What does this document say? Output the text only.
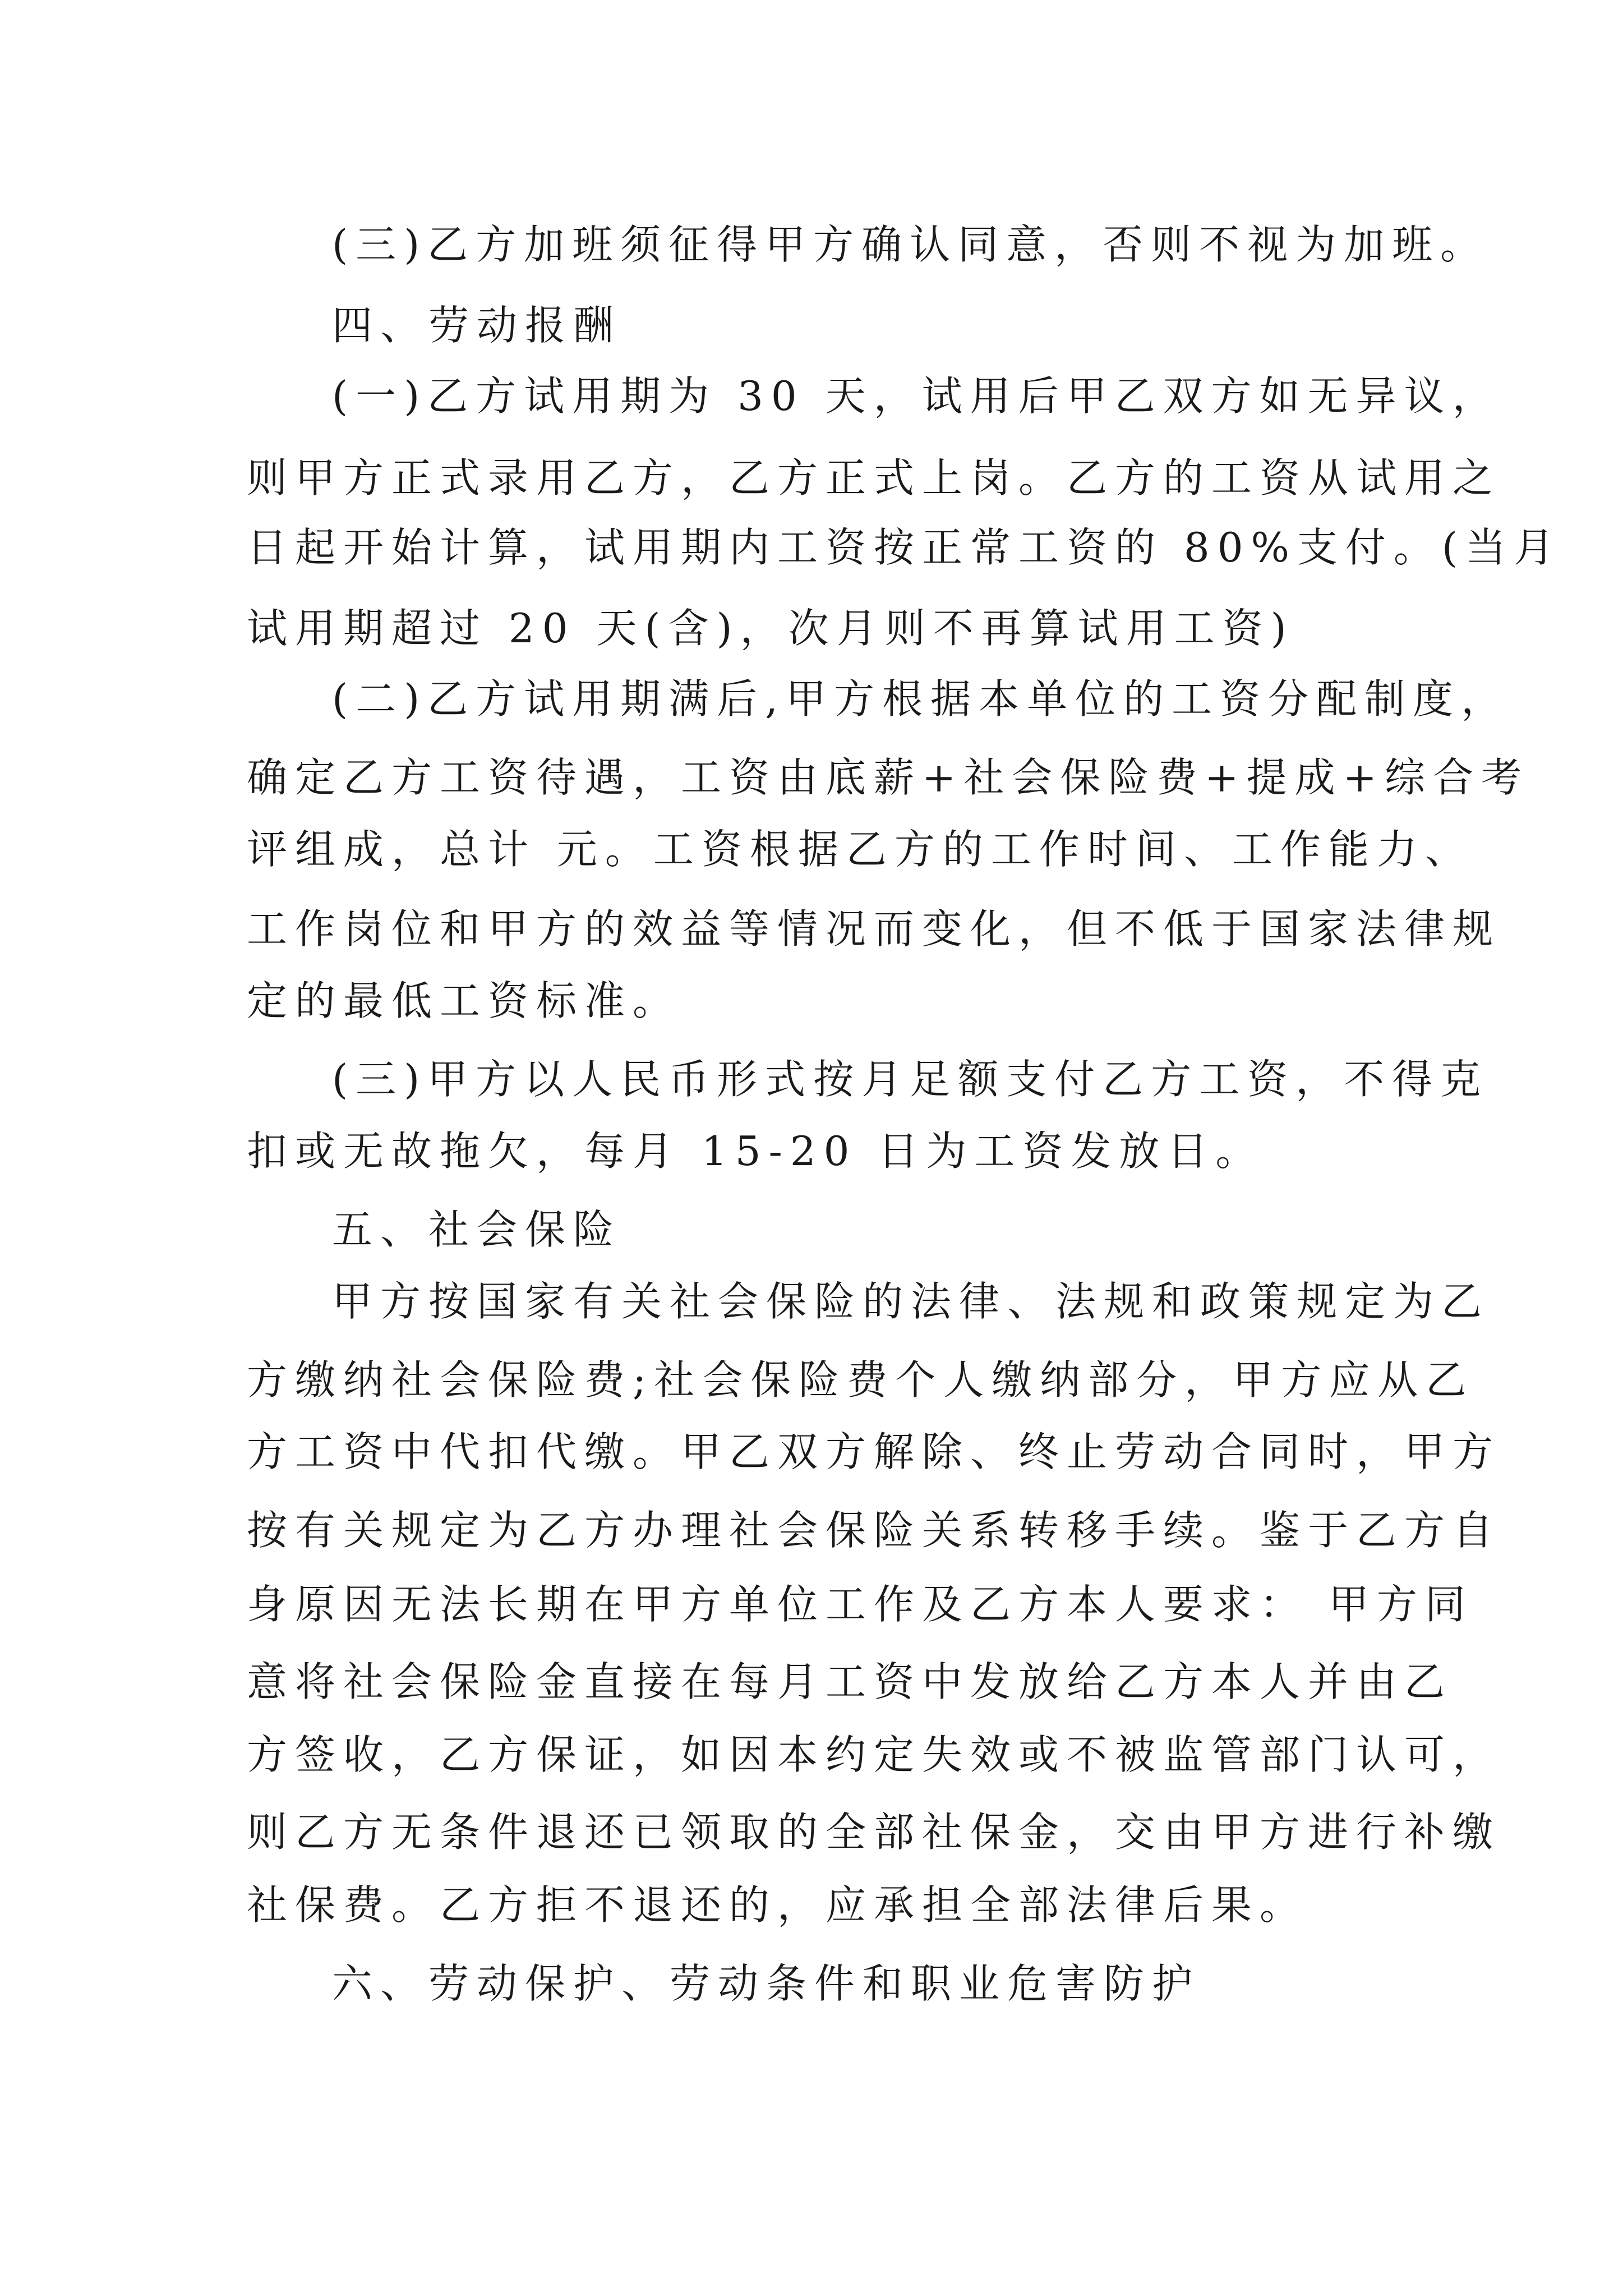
(三)乙方加班须征得甲方确认同意，否则不视为加班。
四、劳动报酬
(一)乙方试用期为 30 天，试用后甲乙双方如无异议，
则甲方正式录用乙方，乙方正式上岗。乙方的工资从试用之
日起开始计算，试用期内工资按正常工资的 80%支付。(当月
试用期超过 20 天(含)，次月则不再算试用工资)
(二)乙方试用期满后,甲方根据本单位的工资分配制度，
确定乙方工资待遇，工资由底薪+社会保险费+提成+综合考
评组成，总计 元。工资根据乙方的工作时间、工作能力、
工作岗位和甲方的效益等情况而变化，但不低于国家法律规
定的最低工资标准。
(三)甲方以人民币形式按月足额支付乙方工资，不得克
扣或无故拖欠，每月 15-20 日为工资发放日。
五、社会保险
甲方按国家有关社会保险的法律、法规和政策规定为乙
方缴纳社会保险费;社会保险费个人缴纳部分，甲方应从乙
方工资中代扣代缴。甲乙双方解除、终止劳动合同时，甲方
按有关规定为乙方办理社会保险关系转移手续。鉴于乙方自
身原因无法长期在甲方单位工作及乙方本人要求： 甲方同
意将社会保险金直接在每月工资中发放给乙方本人并由乙
方签收，乙方保证，如因本约定失效或不被监管部门认可，
则乙方无条件退还已领取的全部社保金，交由甲方进行补缴
社保费。乙方拒不退还的，应承担全部法律后果。
六、劳动保护、劳动条件和职业危害防护
